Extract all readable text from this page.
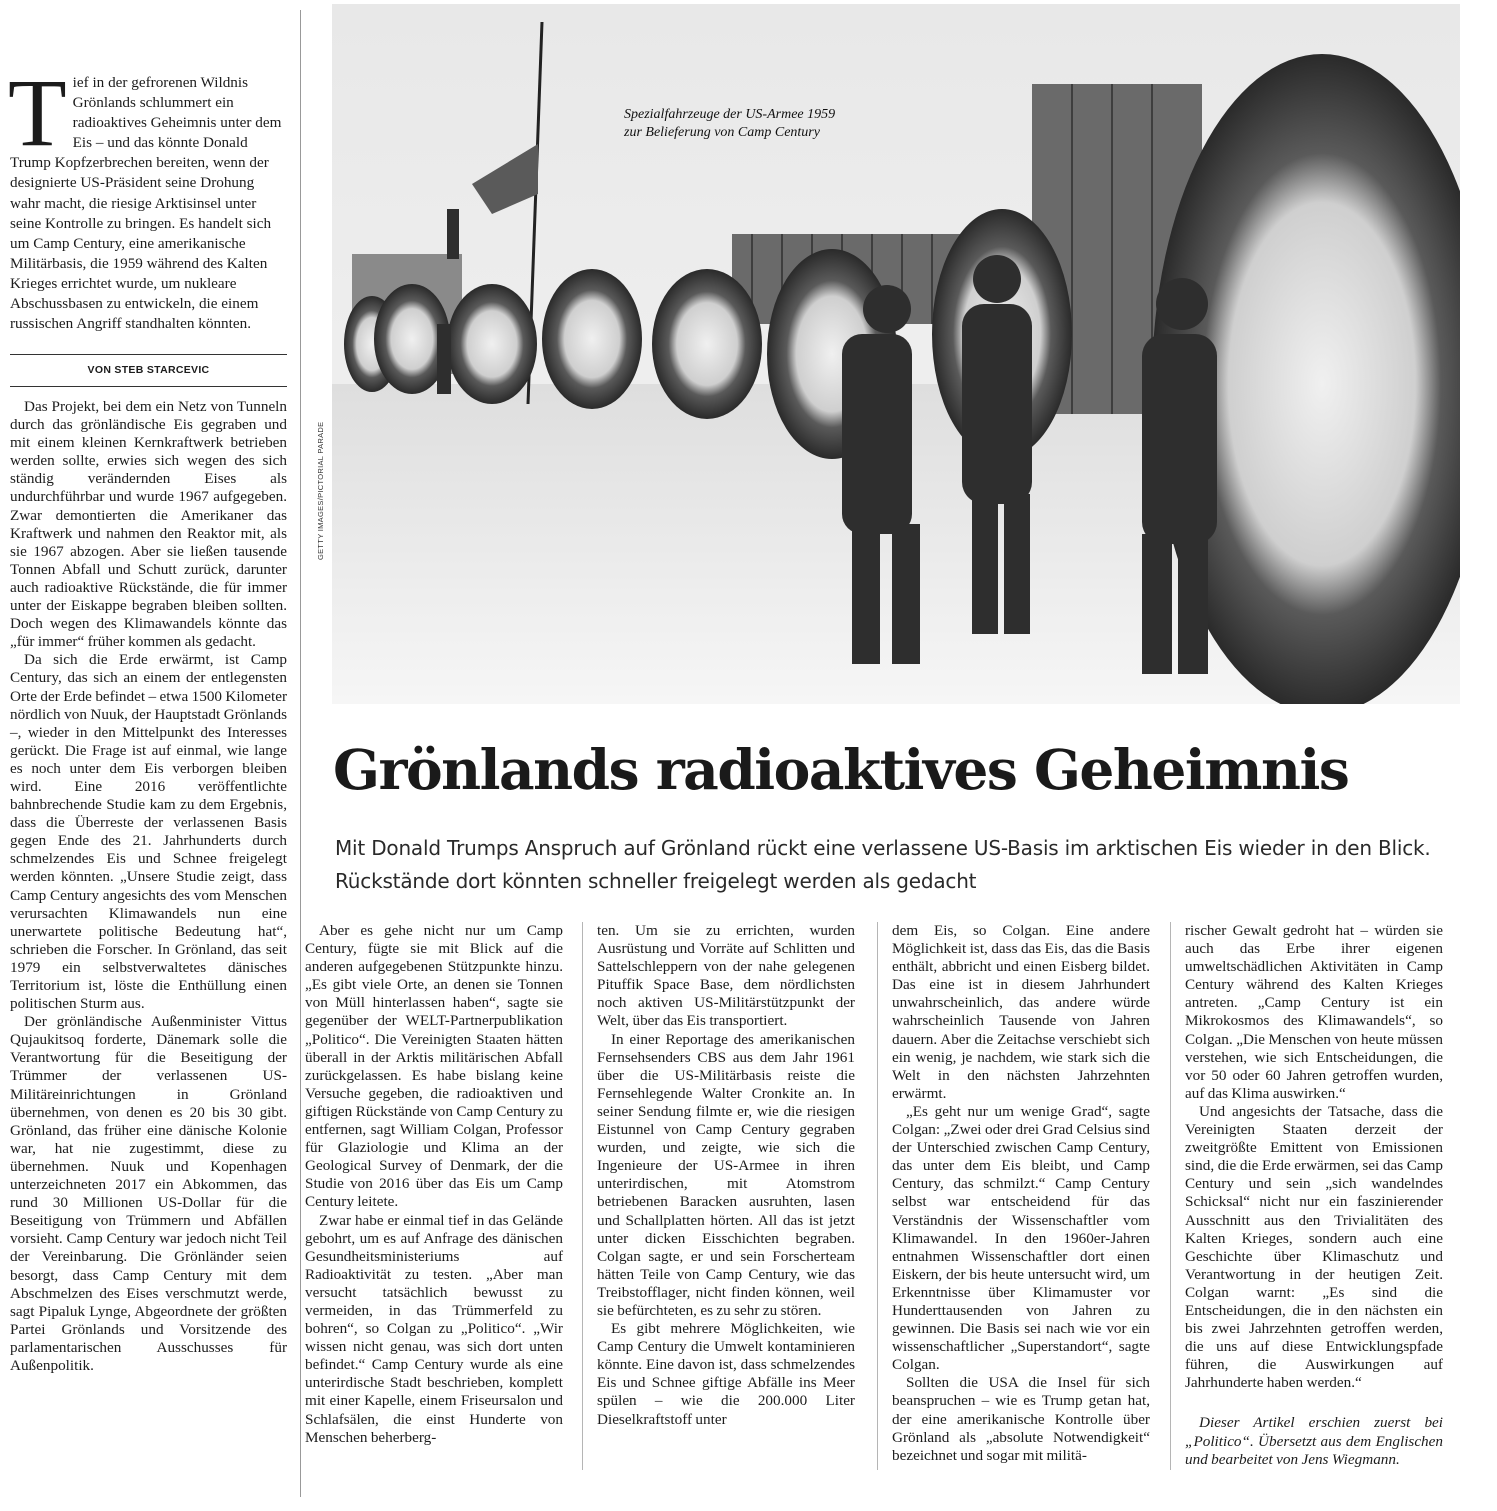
T ief in der gefrorenen Wildnis Grönlands schlummert ein radioaktives Geheimnis unter dem Eis – und das könnte Donald Trump Kopfzerbrechen bereiten, wenn der designierte US-Präsident seine Drohung wahr macht, die riesige Arktisinsel unter seine Kontrolle zu bringen. Es handelt sich um Camp Century, eine amerikanische Militärbasis, die 1959 während des Kalten Krieges errichtet wurde, um nukleare Abschussbasen zu entwickeln, die einem russischen Angriff standhalten könnten.
VON STEB STARCEVIC

Das Projekt, bei dem ein Netz von Tunneln durch das grönländische Eis gegraben und mit einem kleinen Kernkraftwerk betrieben werden sollte, erwies sich wegen des sich ständig verändernden Eises als undurchführbar und wurde 1967 aufgegeben. Zwar demontierten die Amerikaner das Kraftwerk und nahmen den Reaktor mit, als sie 1967 abzogen. Aber sie ließen tausende Tonnen Abfall und Schutt zurück, darunter auch radioaktive Rückstände, die für immer unter der Eiskappe begraben bleiben sollten. Doch wegen des Klimawandels könnte das „für immer“ früher kommen als gedacht.

Da sich die Erde erwärmt, ist Camp Century, das sich an einem der entlegensten Orte der Erde befindet – etwa 1500 Kilometer nördlich von Nuuk, der Hauptstadt Grönlands –, wieder in den Mittelpunkt des Interesses gerückt. Die Frage ist auf einmal, wie lange es noch unter dem Eis verborgen bleiben wird. Eine 2016 veröffentlichte bahnbrechende Studie kam zu dem Ergebnis, dass die Überreste der verlassenen Basis gegen Ende des 21. Jahrhunderts durch schmelzendes Eis und Schnee freigelegt werden könnten. „Unsere Studie zeigt, dass Camp Century angesichts des vom Menschen verursachten Klimawandels nun eine unerwartete politische Bedeutung hat“, schrieben die Forscher. In Grönland, das seit 1979 ein selbstverwaltetes dänisches Territorium ist, löste die Enthüllung einen politischen Sturm aus.

Der grönländische Außenminister Vittus Qujaukitsoq forderte, Dänemark solle die Verantwortung für die Beseitigung der Trümmer der verlassenen US-Militäreinrichtungen in Grönland übernehmen, von denen es 20 bis 30 gibt. Grönland, das früher eine dänische Kolonie war, hat nie zugestimmt, diese zu übernehmen. Nuuk und Kopenhagen unterzeichneten 2017 ein Abkommen, das rund 30 Millionen US-Dollar für die Beseitigung von Trümmern und Abfällen vorsieht. Camp Century war jedoch nicht Teil der Vereinbarung. Die Grönländer seien besorgt, dass Camp Century mit dem Abschmelzen des Eises verschmutzt werde, sagt Pipaluk Lynge, Abgeordnete der größten Partei Grönlands und Vorsitzende des parlamentarischen Ausschusses für Außenpolitik.

GETTY IMAGES/PICTORIAL PARADE
Spezialfahrzeuge der US-Armee 1959
zur Belieferung von Camp Century
Grönlands radioaktives Geheimnis
Mit Donald Trumps Anspruch auf Grönland rückt eine verlassene US-Basis im arktischen Eis wieder in den Blick. Rückstände dort könnten schneller freigelegt werden als gedacht

Aber es gehe nicht nur um Camp Century, fügte sie mit Blick auf die anderen aufgegebenen Stützpunkte hinzu. „Es gibt viele Orte, an denen sie Tonnen von Müll hinterlassen haben“, sagte sie gegenüber der WELT-Partnerpublikation „Politico“. Die Vereinigten Staaten hätten überall in der Arktis militärischen Abfall zurückgelassen. Es habe bislang keine Versuche gegeben, die radioaktiven und giftigen Rückstände von Camp Century zu entfernen, sagt William Colgan, Professor für Glaziologie und Klima an der Geological Survey of Denmark, der die Studie von 2016 über das Eis um Camp Century leitete.

Zwar habe er einmal tief in das Gelände gebohrt, um es auf Anfrage des dänischen Gesundheitsministeriums auf Radioaktivität zu testen. „Aber man versucht tatsächlich bewusst zu vermeiden, in das Trümmerfeld zu bohren“, so Colgan zu „Politico“. „Wir wissen nicht genau, was sich dort unten befindet.“ Camp Century wurde als eine unterirdische Stadt beschrieben, komplett mit einer Kapelle, einem Friseursalon und Schlafsälen, die einst Hunderte von Menschen beherberg-

ten. Um sie zu errichten, wurden Ausrüstung und Vorräte auf Schlitten und Sattelschleppern von der nahe gelegenen Pituffik Space Base, dem nördlichsten noch aktiven US-Militärstützpunkt der Welt, über das Eis transportiert.

In einer Reportage des amerikanischen Fernsehsenders CBS aus dem Jahr 1961 über die US-Militärbasis reiste die Fernsehlegende Walter Cronkite an. In seiner Sendung filmte er, wie die riesigen Eistunnel von Camp Century gegraben wurden, und zeigte, wie sich die Ingenieure der US-Armee in ihren unterirdischen, mit Atomstrom betriebenen Baracken ausruhten, lasen und Schallplatten hörten. All das ist jetzt unter dicken Eisschichten begraben. Colgan sagte, er und sein Forscherteam hätten Teile von Camp Century, wie das Treibstofflager, nicht finden können, weil sie befürchteten, es zu sehr zu stören.

Es gibt mehrere Möglichkeiten, wie Camp Century die Umwelt kontaminieren könnte. Eine davon ist, dass schmelzendes Eis und Schnee giftige Abfälle ins Meer spülen – wie die 200.000 Liter Dieselkraftstoff unter

dem Eis, so Colgan. Eine andere Möglichkeit ist, dass das Eis, das die Basis enthält, abbricht und einen Eisberg bildet. Das eine ist in diesem Jahrhundert unwahrscheinlich, das andere würde wahrscheinlich Tausende von Jahren dauern. Aber die Zeitachse verschiebt sich ein wenig, je nachdem, wie stark sich die Welt in den nächsten Jahrzehnten erwärmt.

„Es geht nur um wenige Grad“, sagte Colgan: „Zwei oder drei Grad Celsius sind der Unterschied zwischen Camp Century, das unter dem Eis bleibt, und Camp Century, das schmilzt.“ Camp Century selbst war entscheidend für das Verständnis der Wissenschaftler vom Klimawandel. In den 1960er-Jahren entnahmen Wissenschaftler dort einen Eiskern, der bis heute untersucht wird, um Erkenntnisse über Klimamuster vor Hunderttausenden von Jahren zu gewinnen. Die Basis sei nach wie vor ein wissenschaftlicher „Superstandort“, sagte Colgan.

Sollten die USA die Insel für sich beanspruchen – wie es Trump getan hat, der eine amerikanische Kontrolle über Grönland als „absolute Notwendigkeit“ bezeichnet und sogar mit militä-

rischer Gewalt gedroht hat – würden sie auch das Erbe ihrer eigenen umweltschädlichen Aktivitäten in Camp Century während des Kalten Krieges antreten. „Camp Century ist ein Mikrokosmos des Klimawandels“, so Colgan. „Die Menschen von heute müssen verstehen, wie sich Entscheidungen, die vor 50 oder 60 Jahren getroffen wurden, auf das Klima auswirken.“

Und angesichts der Tatsache, dass die Vereinigten Staaten derzeit der zweitgrößte Emittent von Emissionen sind, die die Erde erwärmen, sei das Camp Century und sein „sich wandelndes Schicksal“ nicht nur ein faszinierender Ausschnitt aus den Trivialitäten des Kalten Krieges, sondern auch eine Geschichte über Klimaschutz und Verantwortung in der heutigen Zeit. Colgan warnt: „Es sind die Entscheidungen, die in den nächsten ein bis zwei Jahrzehnten getroffen werden, die uns auf diese Entwicklungspfade führen, die Auswirkungen auf Jahrhunderte haben werden.“

Dieser Artikel erschien zuerst bei „Politico“. Übersetzt aus dem Englischen und bearbeitet von Jens Wiegmann.
